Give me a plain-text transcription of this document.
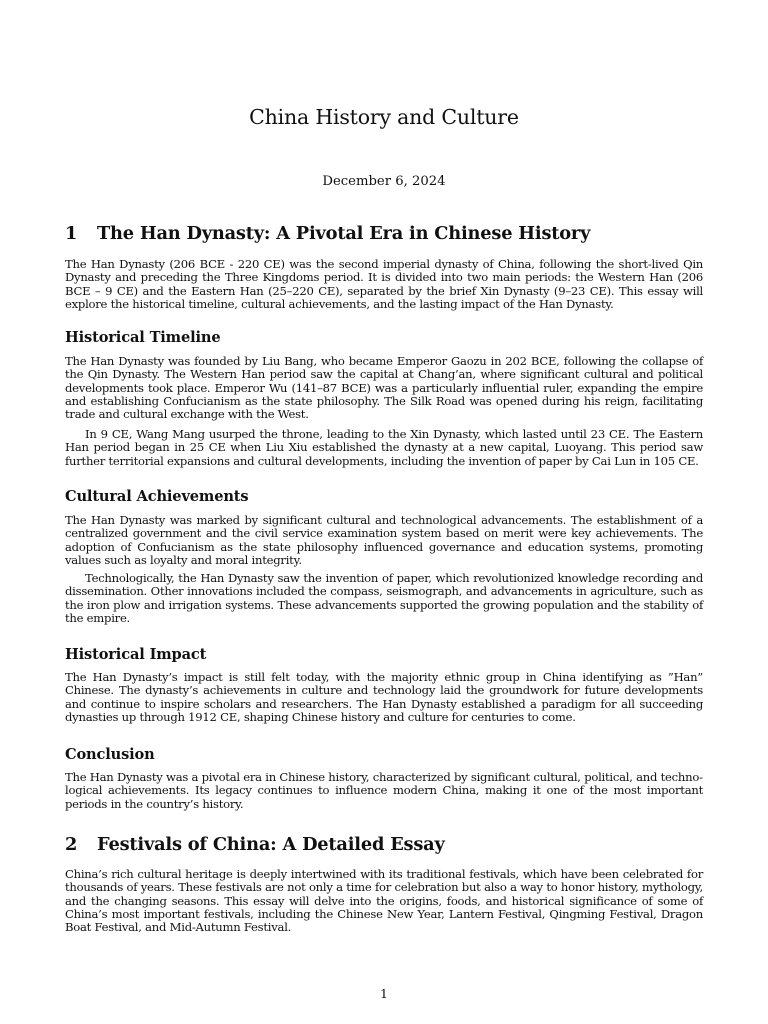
China History and Culture
December 6, 2024
1 The Han Dynasty: A Pivotal Era in Chinese History

The Han Dynasty (206 BCE - 220 CE) was the second imperial dynasty of China, following the short-lived Qin Dynasty and preceding the Three Kingdoms period. It is divided into two main periods: the Western Han (206 BCE – 9 CE) and the Eastern Han (25–220 CE), separated by the brief Xin Dynasty (9–23 CE). This essay will explore the historical timeline, cultural achievements, and the lasting impact of the Han Dynasty.

Historical Timeline

The Han Dynasty was founded by Liu Bang, who became Emperor Gaozu in 202 BCE, following the collapse of the Qin Dynasty. The Western Han period saw the capital at Chang’an, where significant cultural and political developments took place. Emperor Wu (141–87 BCE) was a particularly influential ruler, expanding the empire and establishing Confucianism as the state philosophy. The Silk Road was opened during his reign, facilitating trade and cultural exchange with the West.

In 9 CE, Wang Mang usurped the throne, leading to the Xin Dynasty, which lasted until 23 CE. The Eastern Han period began in 25 CE when Liu Xiu established the dynasty at a new capital, Luoyang. This period saw further territorial expansions and cultural developments, including the invention of paper by Cai Lun in 105 CE.

Cultural Achievements

The Han Dynasty was marked by significant cultural and technological advancements. The establishment of a centralized government and the civil service examination system based on merit were key achievements. The adoption of Confucianism as the state philosophy influenced governance and education systems, promoting values such as loyalty and moral integrity.

Technologically, the Han Dynasty saw the invention of paper, which revolutionized knowledge recording and dissemination. Other innovations included the compass, seismograph, and advancements in agriculture, such as the iron plow and irrigation systems. These advancements supported the growing population and the stability of the empire.

Historical Impact

The Han Dynasty’s impact is still felt today, with the majority ethnic group in China identifying as ”Han” Chinese. The dynasty’s achievements in culture and technology laid the groundwork for future developments and continue to inspire scholars and researchers. The Han Dynasty established a paradigm for all succeeding dynasties up through 1912 CE, shaping Chinese history and culture for centuries to come.

Conclusion

The Han Dynasty was a pivotal era in Chinese history, characterized by significant cultural, political, and technological achievements. Its legacy continues to influence modern China, making it one of the most important periods in the country’s history.

2 Festivals of China: A Detailed Essay

China’s rich cultural heritage is deeply intertwined with its traditional festivals, which have been celebrated for thousands of years. These festivals are not only a time for celebration but also a way to honor history, mythology, and the changing seasons. This essay will delve into the origins, foods, and historical significance of some of China’s most important festivals, including the Chinese New Year, Lantern Festival, Qingming Festival, Dragon Boat Festival, and Mid-Autumn Festival.

1
